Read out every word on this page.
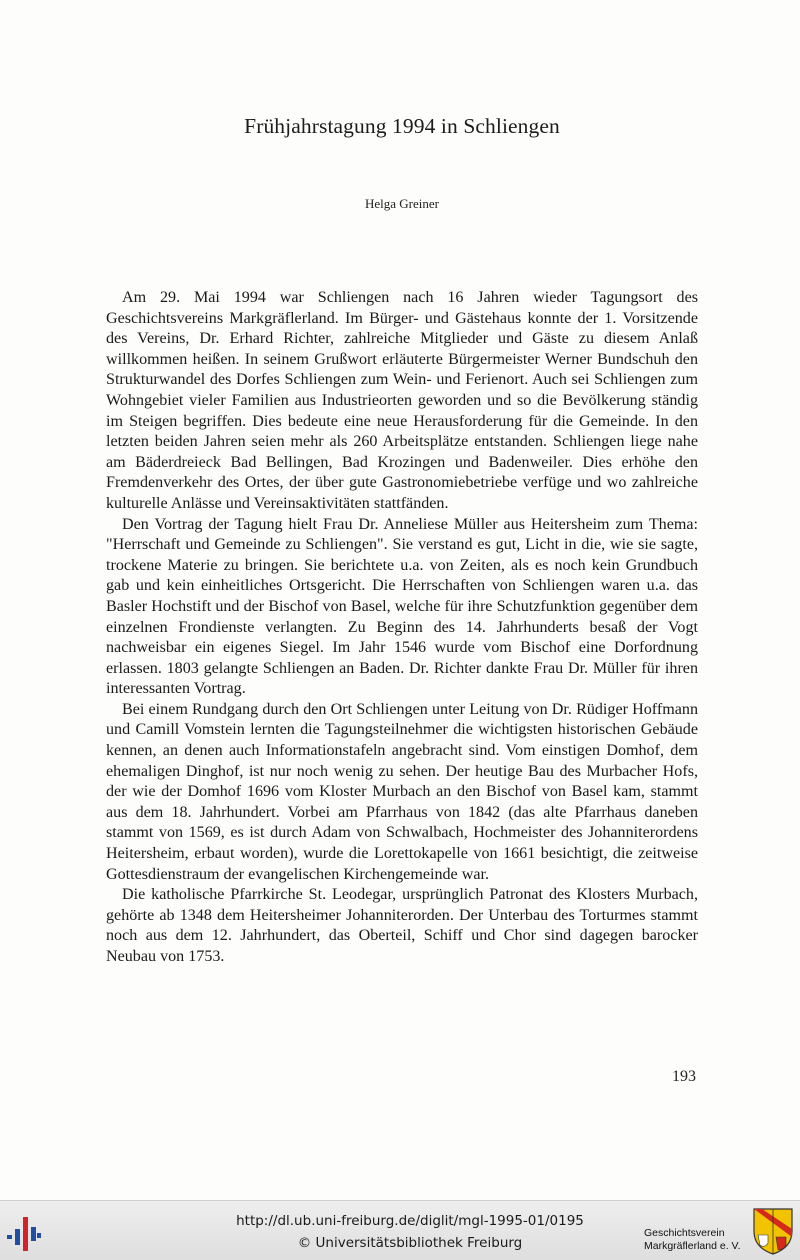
Frühjahrstagung 1994 in Schliengen
Helga Greiner

Am 29. Mai 1994 war Schliengen nach 16 Jahren wieder Tagungsort des Geschichtsvereins Markgräflerland. Im Bürger- und Gästehaus konnte der 1. Vorsitzende des Vereins, Dr. Erhard Richter, zahlreiche Mitglieder und Gäste zu diesem Anlaß willkommen heißen. In seinem Grußwort erläuterte Bürgermeister Werner Bundschuh den Strukturwandel des Dorfes Schliengen zum Wein- und Ferienort. Auch sei Schliengen zum Wohngebiet vieler Familien aus Industrieorten geworden und so die Bevölkerung ständig im Steigen begriffen. Dies bedeute eine neue Herausforderung für die Gemeinde. In den letzten beiden Jahren seien mehr als 260 Arbeitsplätze entstanden. Schliengen liege nahe am Bäderdreieck Bad Bellingen, Bad Krozingen und Badenweiler. Dies erhöhe den Fremdenverkehr des Ortes, der über gute Gastronomiebetriebe verfüge und wo zahlreiche kulturelle Anlässe und Vereinsaktivitäten stattfänden.

Den Vortrag der Tagung hielt Frau Dr. Anneliese Müller aus Heitersheim zum Thema: "Herrschaft und Gemeinde zu Schliengen". Sie verstand es gut, Licht in die, wie sie sagte, trockene Materie zu bringen. Sie berichtete u.a. von Zeiten, als es noch kein Grundbuch gab und kein einheitliches Ortsgericht. Die Herrschaften von Schliengen waren u.a. das Basler Hochstift und der Bischof von Basel, welche für ihre Schutzfunktion gegenüber dem einzelnen Frondienste verlangten. Zu Beginn des 14. Jahrhunderts besaß der Vogt nachweisbar ein eigenes Siegel. Im Jahr 1546 wurde vom Bischof eine Dorfordnung erlassen. 1803 gelangte Schliengen an Baden. Dr. Richter dankte Frau Dr. Müller für ihren interessanten Vortrag.

Bei einem Rundgang durch den Ort Schliengen unter Leitung von Dr. Rüdiger Hoffmann und Camill Vomstein lernten die Tagungsteilnehmer die wichtigsten historischen Gebäude kennen, an denen auch Informationstafeln angebracht sind. Vom einstigen Domhof, dem ehemaligen Dinghof, ist nur noch wenig zu sehen. Der heutige Bau des Murbacher Hofs, der wie der Domhof 1696 vom Kloster Murbach an den Bischof von Basel kam, stammt aus dem 18. Jahrhundert. Vorbei am Pfarrhaus von 1842 (das alte Pfarrhaus daneben stammt von 1569, es ist durch Adam von Schwalbach, Hochmeister des Johanniterordens Heitersheim, erbaut worden), wurde die Lorettokapelle von 1661 besichtigt, die zeitweise Gottesdienstraum der evangelischen Kirchengemeinde war.

Die katholische Pfarrkirche St. Leodegar, ursprünglich Patronat des Klosters Murbach, gehörte ab 1348 dem Heitersheimer Johanniterorden. Der Unterbau des Torturmes stammt noch aus dem 12. Jahrhundert, das Oberteil, Schiff und Chor sind dagegen barocker Neubau von 1753.

193
http://dl.ub.uni-freiburg.de/diglit/mgl-1995-01/0195
© Universitätsbibliothek Freiburg
Geschichtsverein
Markgräflerland e. V.
